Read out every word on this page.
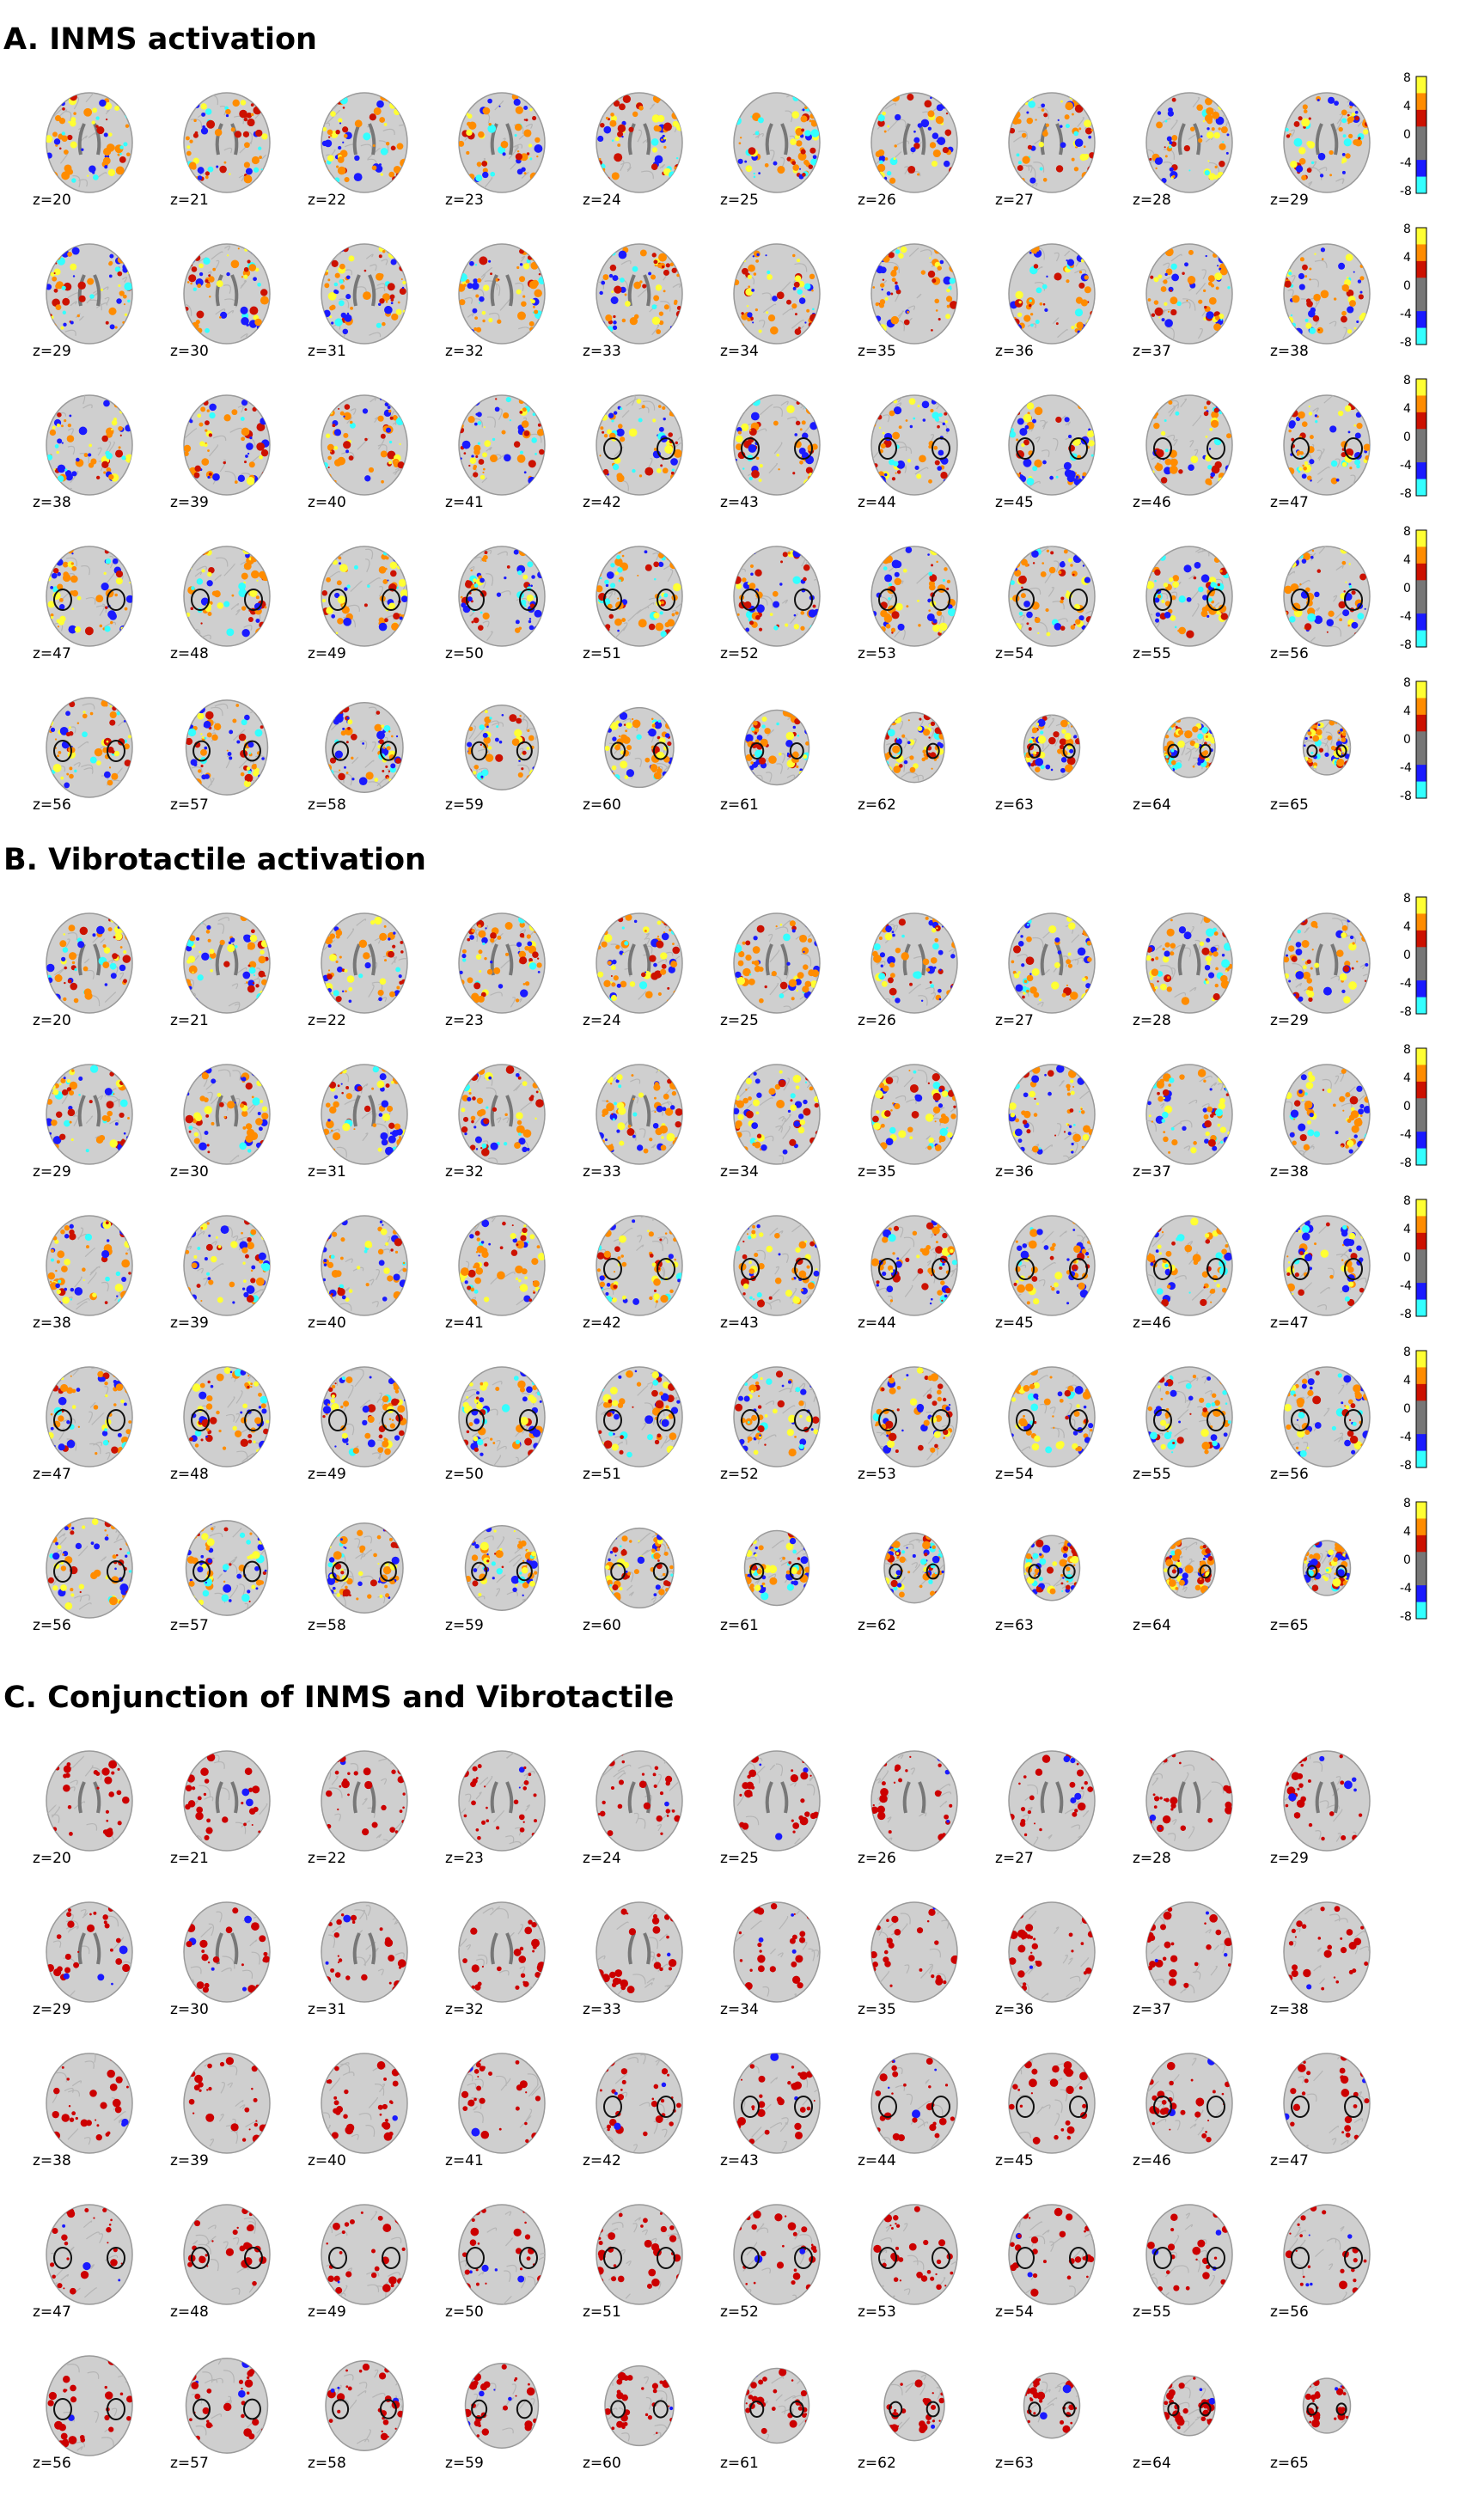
A. INMS activation
z=20	z=21	z=22	z=23	z=24	z=25	z=26	z=27	z=28	z=29
8
4
0
-4
-8
z=29	z=30	z=31	z=32	z=33	z=34	z=35	z=36	z=37	z=38
8
4
0
-4
-8
z=38	z=39	z=40	z=41	z=42	z=43	z=44	z=45	z=46	z=47
8
4
0
-4
-8
z=47	z=48	z=49	z=50	z=51	z=52	z=53	z=54	z=55	z=56
8
4
0
-4
-8
z=56	z=57	z=58	z=59	z=60	z=61	z=62	z=63	z=64	z=65
8
4
0
-4
-8
B. Vibrotactile activation
z=20	z=21	z=22	z=23	z=24	z=25	z=26	z=27	z=28	z=29
8
4
0
-4
-8
z=29	z=30	z=31	z=32	z=33	z=34	z=35	z=36	z=37	z=38
8
4
0
-4
-8
z=38	z=39	z=40	z=41	z=42	z=43	z=44	z=45	z=46	z=47
8
4
0
-4
-8
z=47	z=48	z=49	z=50	z=51	z=52	z=53	z=54	z=55	z=56
8
4
0
-4
-8
z=56	z=57	z=58	z=59	z=60	z=61	z=62	z=63	z=64	z=65
8
4
0
-4
-8
C. Conjunction of INMS and Vibrotactile
z=20	z=21	z=22	z=23	z=24	z=25	z=26	z=27	z=28	z=29
z=29	z=30	z=31	z=32	z=33	z=34	z=35	z=36	z=37	z=38
z=38	z=39	z=40	z=41	z=42	z=43	z=44	z=45	z=46	z=47
z=47	z=48	z=49	z=50	z=51	z=52	z=53	z=54	z=55	z=56
z=56	z=57	z=58	z=59	z=60	z=61	z=62	z=63	z=64	z=65
